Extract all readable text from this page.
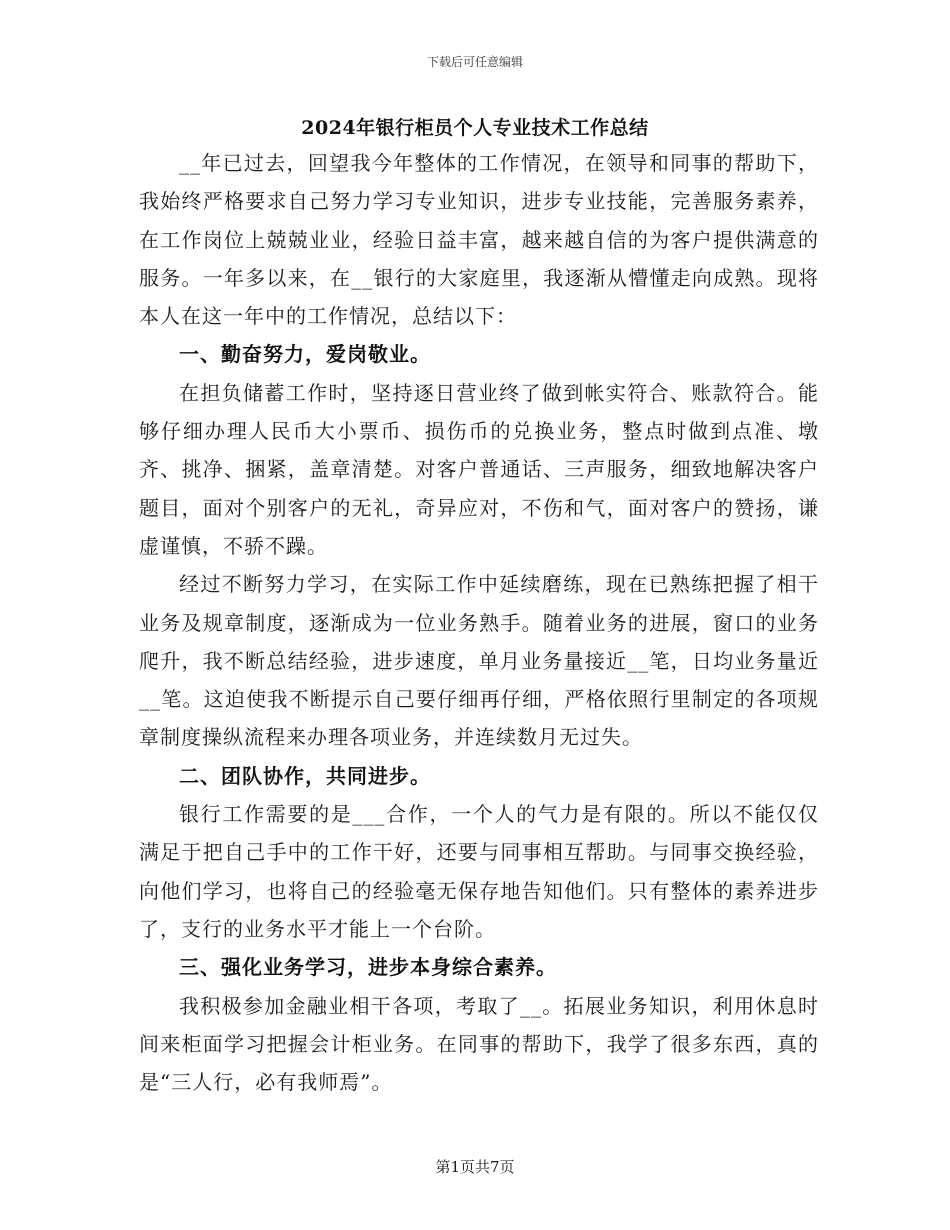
下载后可任意编辑
2024年银行柜员个人专业技术工作总结

__年已过去，回望我今年整体的工作情况，在领导和同事的帮助下，我始终严格要求自己努力学习专业知识，进步专业技能，完善服务素养，在工作岗位上兢兢业业，经验日益丰富，越来越自信的为客户提供满意的服务。一年多以来，在__银行的大家庭里，我逐渐从懵懂走向成熟。现将本人在这一年中的工作情况，总结以下：

一、勤奋努力，爱岗敬业。

在担负储蓄工作时，坚持逐日营业终了做到帐实符合、账款符合。能够仔细办理人民币大小票币、损伤币的兑换业务，整点时做到点准、墩齐、挑净、捆紧，盖章清楚。对客户普通话、三声服务，细致地解决客户题目，面对个别客户的无礼，奇异应对，不伤和气，面对客户的赞扬，谦虚谨慎，不骄不躁。

经过不断努力学习，在实际工作中延续磨练，现在已熟练把握了相干业务及规章制度，逐渐成为一位业务熟手。随着业务的进展，窗口的业务爬升，我不断总结经验，进步速度，单月业务量接近__笔，日均业务量近__笔。这迫使我不断提示自己要仔细再仔细，严格依照行里制定的各项规章制度操纵流程来办理各项业务，并连续数月无过失。

二、团队协作，共同进步。

银行工作需要的是___合作，一个人的气力是有限的。所以不能仅仅满足于把自己手中的工作干好，还要与同事相互帮助。与同事交换经验，向他们学习，也将自己的经验毫无保存地告知他们。只有整体的素养进步了，支行的业务水平才能上一个台阶。

三、强化业务学习，进步本身综合素养。

我积极参加金融业相干各项，考取了__。拓展业务知识，利用休息时间来柜面学习把握会计柜业务。在同事的帮助下，我学了很多东西，真的是“三人行，必有我师焉”。

第1页共7页
